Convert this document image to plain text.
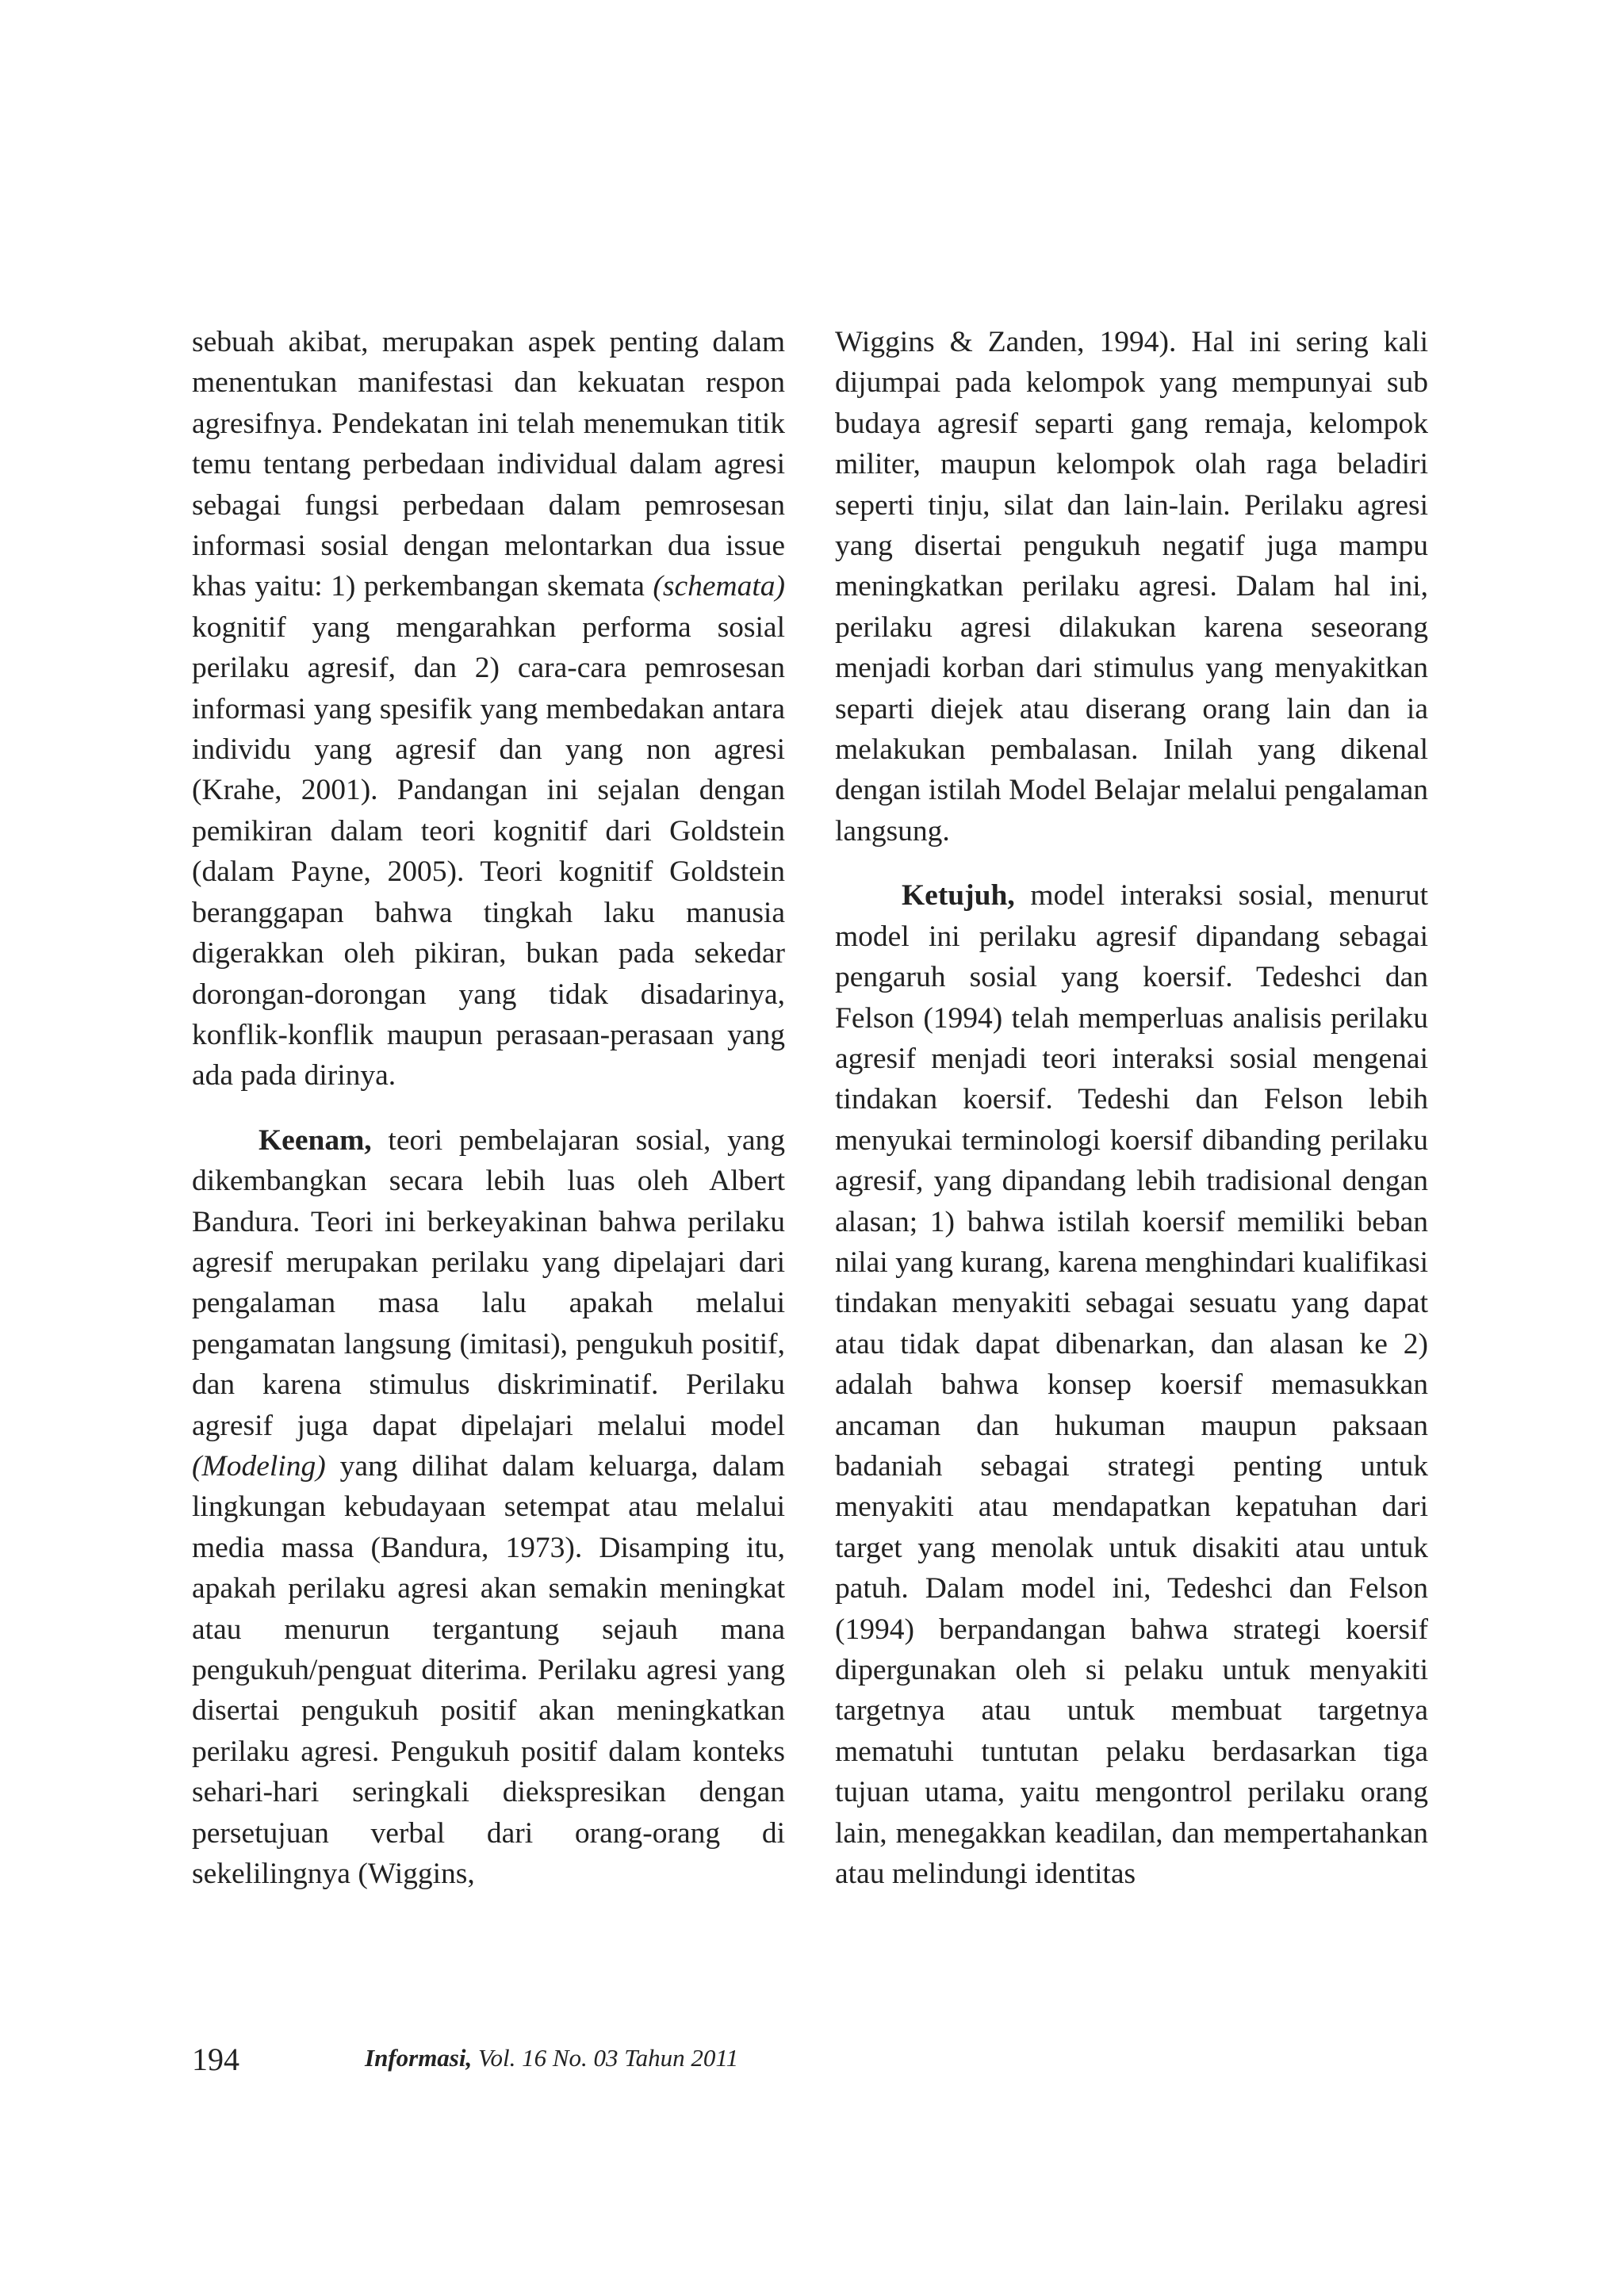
sebuah akibat, merupakan aspek penting dalam menentukan manifestasi dan kekuatan respon agresifnya. Pendekatan ini telah menemukan titik temu tentang perbedaan individual dalam agresi sebagai fungsi perbedaan dalam pemrosesan informasi sosial dengan melontarkan dua issue khas yaitu: 1) perkembangan skemata (schemata) kognitif yang mengarahkan performa sosial perilaku agresif, dan 2) cara-cara pemrosesan informasi yang spesifik yang membedakan antara individu yang agresif dan yang non agresi (Krahe, 2001). Pandangan ini sejalan dengan pemikiran dalam teori kognitif dari Goldstein (dalam Payne, 2005). Teori kognitif Goldstein beranggapan bahwa tingkah laku manusia digerakkan oleh pikiran, bukan pada sekedar dorongan-dorongan yang tidak disadarinya, konflik-konflik maupun perasaan-perasaan yang ada pada dirinya.

Keenam, teori pembelajaran sosial, yang dikembangkan secara lebih luas oleh Albert Bandura. Teori ini berkeyakinan bahwa perilaku agresif merupakan perilaku yang dipelajari dari pengalaman masa lalu apakah melalui pengamatan langsung (imitasi), pengukuh positif, dan karena stimulus diskriminatif. Perilaku agresif juga dapat dipelajari melalui model (Modeling) yang dilihat dalam keluarga, dalam lingkungan kebudayaan setempat atau melalui media massa (Bandura, 1973). Disamping itu, apakah perilaku agresi akan semakin meningkat atau menurun tergantung sejauh mana pengukuh/penguat diterima. Perilaku agresi yang disertai pengukuh positif akan meningkatkan perilaku agresi. Pengukuh positif dalam konteks sehari-hari seringkali diekspresikan dengan persetujuan verbal dari orang-orang di sekelilingnya (Wiggins,

Wiggins & Zanden, 1994). Hal ini sering kali dijumpai pada kelompok yang mempunyai sub budaya agresif separti gang remaja, kelompok militer, maupun kelompok olah raga beladiri seperti tinju, silat dan lain-lain. Perilaku agresi yang disertai pengukuh negatif juga mampu meningkatkan perilaku agresi. Dalam hal ini, perilaku agresi dilakukan karena seseorang menjadi korban dari stimulus yang menyakitkan separti diejek atau diserang orang lain dan ia melakukan pembalasan. Inilah yang dikenal dengan istilah Model Belajar melalui pengalaman langsung.

Ketujuh, model interaksi sosial, menurut model ini perilaku agresif dipandang sebagai pengaruh sosial yang koersif. Tedeshci dan Felson (1994) telah memperluas analisis perilaku agresif menjadi teori interaksi sosial mengenai tindakan koersif. Tedeshi dan Felson lebih menyukai terminologi koersif dibanding perilaku agresif, yang dipandang lebih tradisional dengan alasan; 1) bahwa istilah koersif memiliki beban nilai yang kurang, karena menghindari kualifikasi tindakan menyakiti sebagai sesuatu yang dapat atau tidak dapat dibenarkan, dan alasan ke 2) adalah bahwa konsep koersif memasukkan ancaman dan hukuman maupun paksaan badaniah sebagai strategi penting untuk menyakiti atau mendapatkan kepatuhan dari target yang menolak untuk disakiti atau untuk patuh. Dalam model ini, Tedeshci dan Felson (1994) berpandangan bahwa strategi koersif dipergunakan oleh si pelaku untuk menyakiti targetnya atau untuk membuat targetnya mematuhi tuntutan pelaku berdasarkan tiga tujuan utama, yaitu mengontrol perilaku orang lain, menegakkan keadilan, dan mempertahankan atau melindungi identitas

194	Informasi, Vol. 16 No. 03 Tahun 2011
